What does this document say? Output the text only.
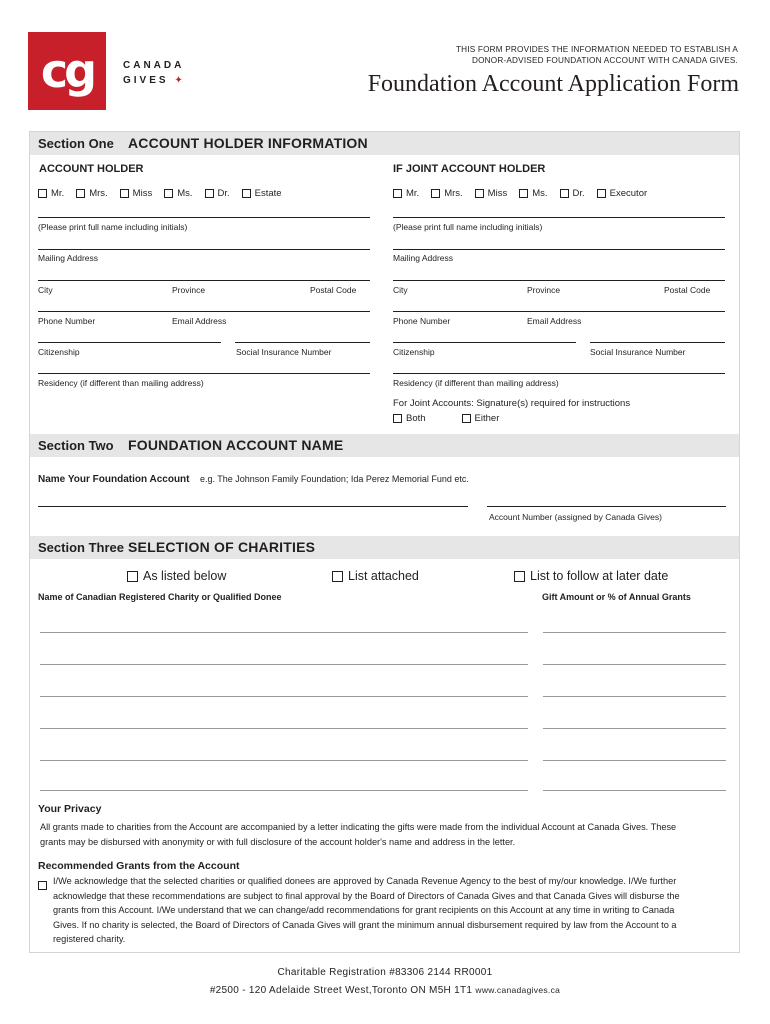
cg	CANADA
GIVES ✦
THIS FORM PROVIDES THE INFORMATION NEEDED TO ESTABLISH A
DONOR-ADVISED FOUNDATION ACCOUNT WITH CANADA GIVES.
Foundation Account Application Form
Section One ACCOUNT HOLDER INFORMATION
ACCOUNT HOLDER
Mr.	Mrs.	Miss	Ms.	Dr.	Estate
(Please print full name including initials)
Mailing Address
City	Province	Postal Code
Phone Number	Email Address
Citizenship	Social Insurance Number
Residency (if different than mailing address)
IF JOINT ACCOUNT HOLDER
Mr.	Mrs.	Miss	Ms.	Dr.	Executor
(Please print full name including initials)
Mailing Address
City	Province	Postal Code
Phone Number	Email Address
Citizenship	Social Insurance Number
Residency (if different than mailing address)
For Joint Accounts: Signature(s) required for instructions
Both	Either
Section Two FOUNDATION ACCOUNT NAME
Name Your Foundation Account e.g. The Johnson Family Foundation; Ida Perez Memorial Fund etc.
Account Number (assigned by Canada Gives)
Section Three SELECTION OF CHARITIES
As listed below	List attached	List to follow at later date
Name of Canadian Registered Charity or Qualified Donee	Gift Amount or % of Annual Grants
Your Privacy
All grants made to charities from the Account are accompanied by a letter indicating the gifts were made from the individual Account at Canada Gives. These
grants may be disbursed with anonymity or with full disclosure of the account holder's name and address in the letter.
Recommended Grants from the Account
I/We acknowledge that the selected charities or qualified donees are approved by Canada Revenue Agency to the best of my/our knowledge. I/We further
acknowledge that these recommendations are subject to final approval by the Board of Directors of Canada Gives and that Canada Gives will disburse the
grants from this Account. I/We understand that we can change/add recommendations for grant recipients on this Account at any time in writing to Canada
Gives. If no charity is selected, the Board of Directors of Canada Gives will grant the minimum annual disbursement required by law from the Account to a
registered charity.
Charitable Registration #83306 2144 RR0001
#2500 - 120 Adelaide Street West,Toronto ON M5H 1T1 www.canadagives.ca
